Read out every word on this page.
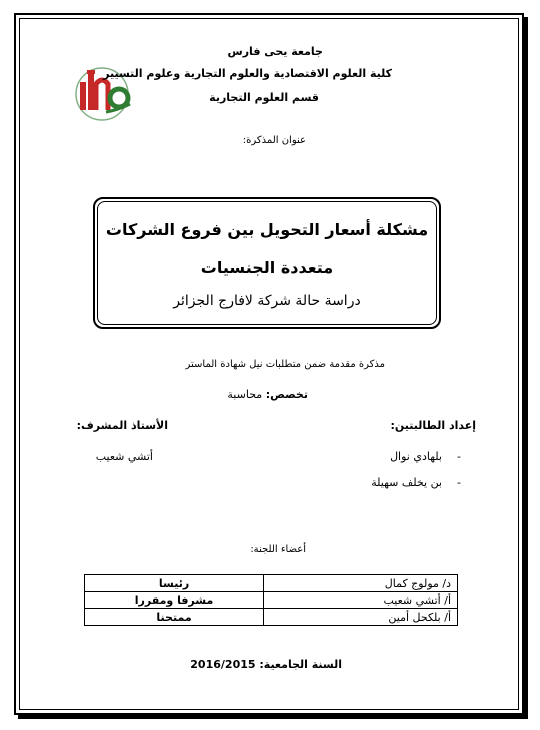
جامعة يحى فارس
كلية العلوم الاقتصادية والعلوم التجارية وعلوم التسيير
قسم العلوم التجارية
عنوان المذكرة:
مشكلة أسعار التحويل بين فروع الشركات
متعددة الجنسيات
دراسة حالة شركة لافارج الجزائر
مذكرة مقدمة ضمن متطلبات نيل شهادة الماستر
تخصص: محاسبة
إعداد الطالبتين:
الأستاذ المشرف:
-
بلهادي نوال
أتشي شعيب
-
بن يخلف سهيلة
أعضاء اللجنة:
د/ مولوج كمال	رئيسا
أ/ أتشي شعيب	مشرفا ومقررا
أ/ بلكحل أمين	ممتحنا
السنة الجامعية: 2016/2015
